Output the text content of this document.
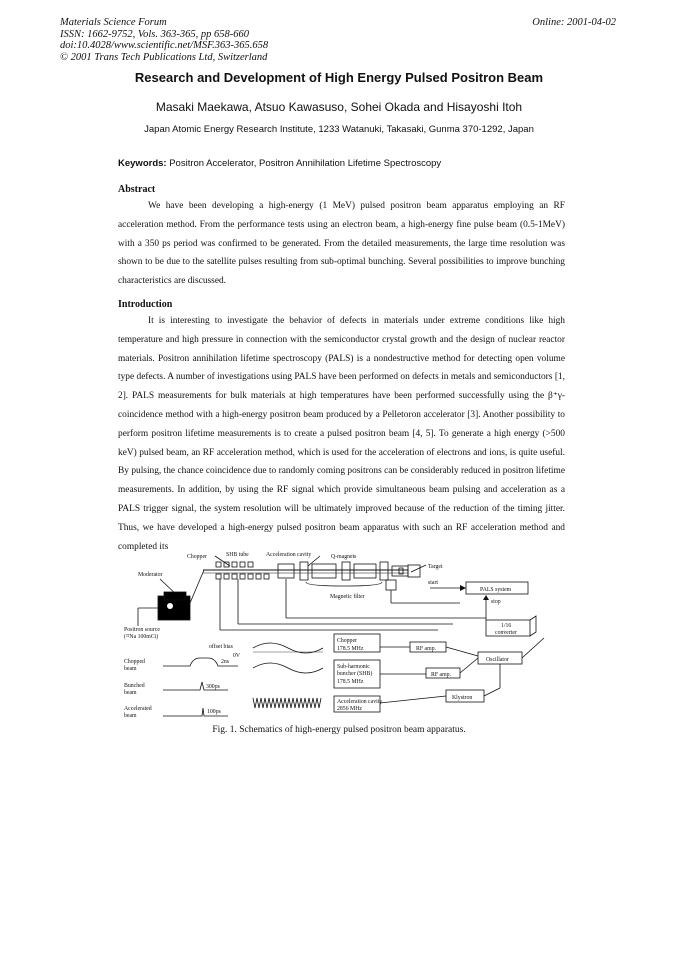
Materials Science Forum
ISSN: 1662-9752, Vols. 363-365, pp 658-660
doi:10.4028/www.scientific.net/MSF.363-365.658
© 2001 Trans Tech Publications Ltd, Switzerland
Online: 2001-04-02
Research and Development of High Energy Pulsed Positron Beam
Masaki Maekawa, Atsuo Kawasuso, Sohei Okada and Hisayoshi Itoh
Japan Atomic Energy Research Institute, 1233 Watanuki, Takasaki, Gunma 370-1292, Japan
Keywords: Positron Accelerator, Positron Annihilation Lifetime Spectroscopy
Abstract
We have been developing a high-energy (1 MeV) pulsed positron beam apparatus employing an RF acceleration method. From the performance tests using an electron beam, a high-energy fine pulse beam (0.5-1MeV) with a 350 ps period was confirmed to be generated. From the detailed measurements, the large time resolution was shown to be due to the satellite pulses resulting from sub-optimal bunching. Several possibilities to improve bunching characteristics are discussed.
Introduction
It is interesting to investigate the behavior of defects in materials under extreme conditions like high temperature and high pressure in connection with the semiconductor crystal growth and the design of nuclear reactor materials. Positron annihilation lifetime spectroscopy (PALS) is a nondestructive method for detecting open volume type defects. A number of investigations using PALS have been performed on defects in metals and semiconductors [1, 2]. PALS measurements for bulk materials at high temperatures have been performed successfully using the β⁺γ-coincidence method with a high-energy positron beam produced by a Pelletoron accelerator [3]. Another possibility to perform positron lifetime measurements is to create a pulsed positron beam [4, 5]. To generate a high energy (>500 keV) pulsed beam, an RF acceleration method, which is used for the acceleration of electrons and ions, is quite useful. By pulsing, the chance coincidence due to randomly coming positrons can be considerably reduced in positron lifetime measurements. In addition, by using the RF signal which provide simultaneous beam pulsing and acceleration as a PALS trigger signal, the system resolution will be ultimately improved because of the reduction of the timing jitter. Thus, we have developed a high-energy pulsed positron beam apparatus with such an RF acceleration method and completed its
Chopper	SHB tube	Acceleration cavity	Q-magnets
Moderator
Target
Magnetic filter
start
PALS system
stop
Positron source
(²²Na 100mCi)
1/16
converter
Chopper
178.5 MHz	RF amp.
Oscillator
offset bias
0V
Chopped
beam
2ns
Bunched
beam
300ps
Accelerated
beam
100ps
Sub-harmonic
buncher (SHB)
178.5 MHz
RF amp.
Acceleration cavity
2856 MHz
Klystron
Fig. 1. Schematics of high-energy pulsed positron beam apparatus.
